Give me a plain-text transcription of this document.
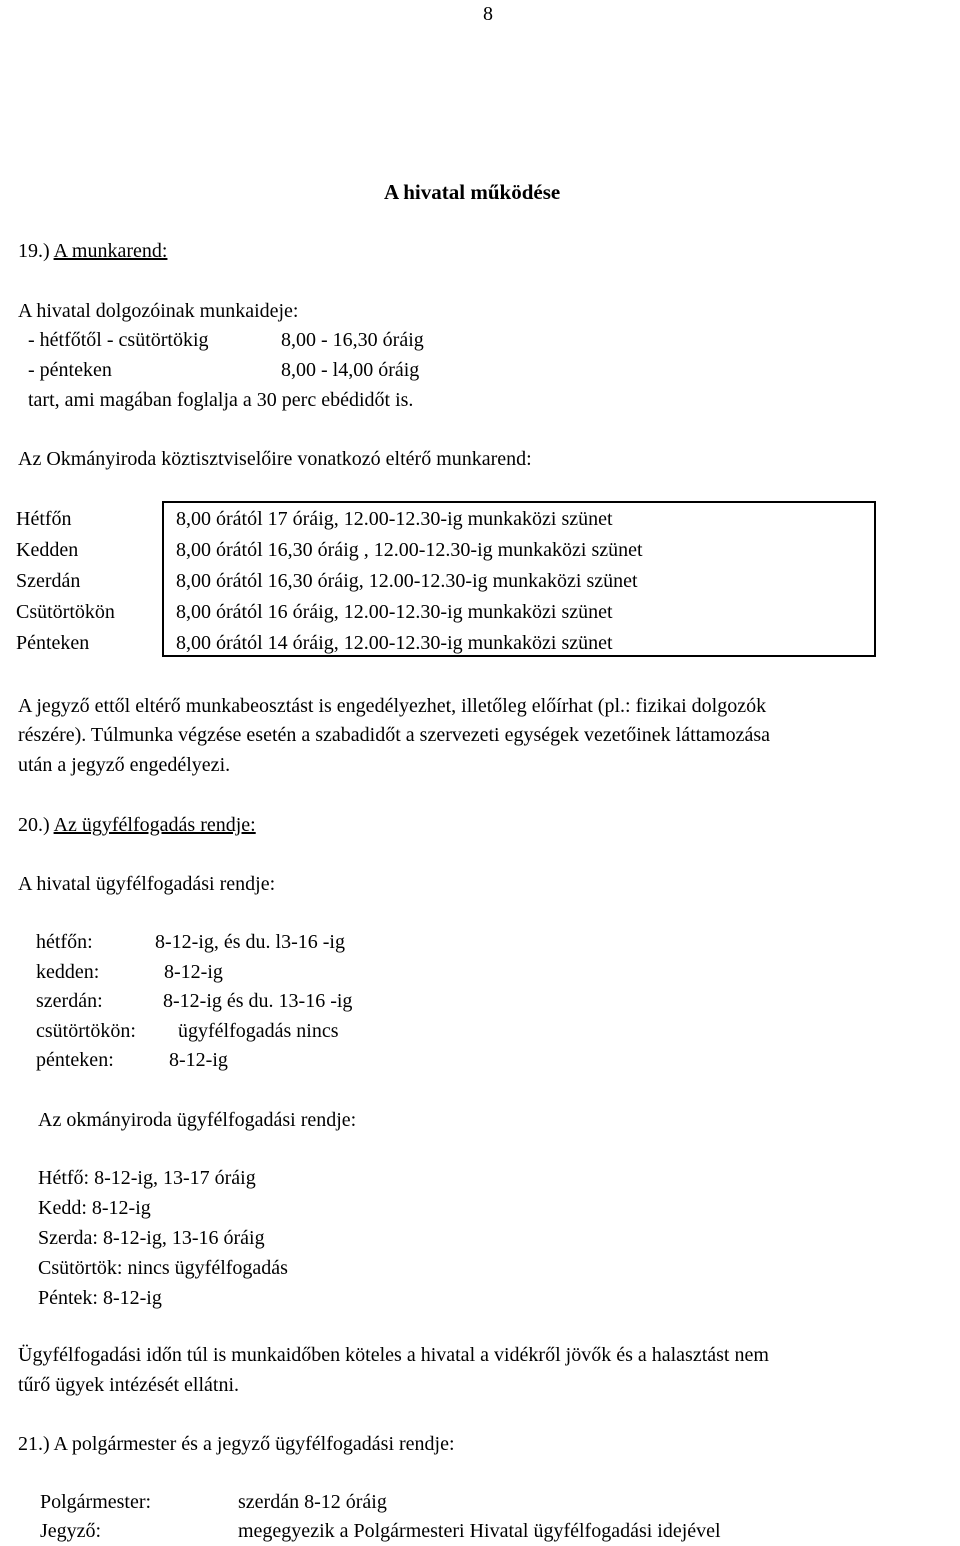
8
A hivatal működése
19.) A munkarend:
A hivatal dolgozóinak munkaideje:
- hétfőtől - csütörtökig	8,00 - 16,30 óráig
- pénteken	8,00 - l4,00 óráig
tart, ami magában foglalja a 30 perc ebédidőt is.
Az Okmányiroda köztisztviselőire vonatkozó eltérő munkarend:
Hétfőn	8,00 órától 17 óráig, 12.00-12.30-ig munkaközi szünet
Kedden	8,00 órától 16,30 óráig , 12.00-12.30-ig munkaközi szünet
Szerdán	8,00 órától 16,30 óráig, 12.00-12.30-ig munkaközi szünet
Csütörtökön	8,00 órától 16 óráig, 12.00-12.30-ig munkaközi szünet
Pénteken	8,00 órától 14 óráig, 12.00-12.30-ig munkaközi szünet
A jegyző ettől eltérő munkabeosztást is engedélyezhet, illetőleg előírhat (pl.: fizikai dolgozók
részére). Túlmunka végzése esetén a szabadidőt a szervezeti egységek vezetőinek láttamozása
után a jegyző engedélyezi.
20.) Az ügyfélfogadás rendje:
A hivatal ügyfélfogadási rendje:
hétfőn:	8-12-ig, és du. l3-16 -ig
kedden:	8-12-ig
szerdán:	8-12-ig és du. 13-16 -ig
csütörtökön: ügyfélfogadás nincs
pénteken:	8-12-ig
Az okmányiroda ügyfélfogadási rendje:
Hétfő: 8-12-ig, 13-17 óráig
Kedd: 8-12-ig
Szerda: 8-12-ig, 13-16 óráig
Csütörtök: nincs ügyfélfogadás
Péntek: 8-12-ig
Ügyfélfogadási időn túl is munkaidőben köteles a hivatal a vidékről jövők és a halasztást nem
tűrő ügyek intézését ellátni.
21.) A polgármester és a jegyző ügyfélfogadási rendje:
Polgármester:	szerdán 8-12 óráig
Jegyző:	megegyezik a Polgármesteri Hivatal ügyfélfogadási idejével
